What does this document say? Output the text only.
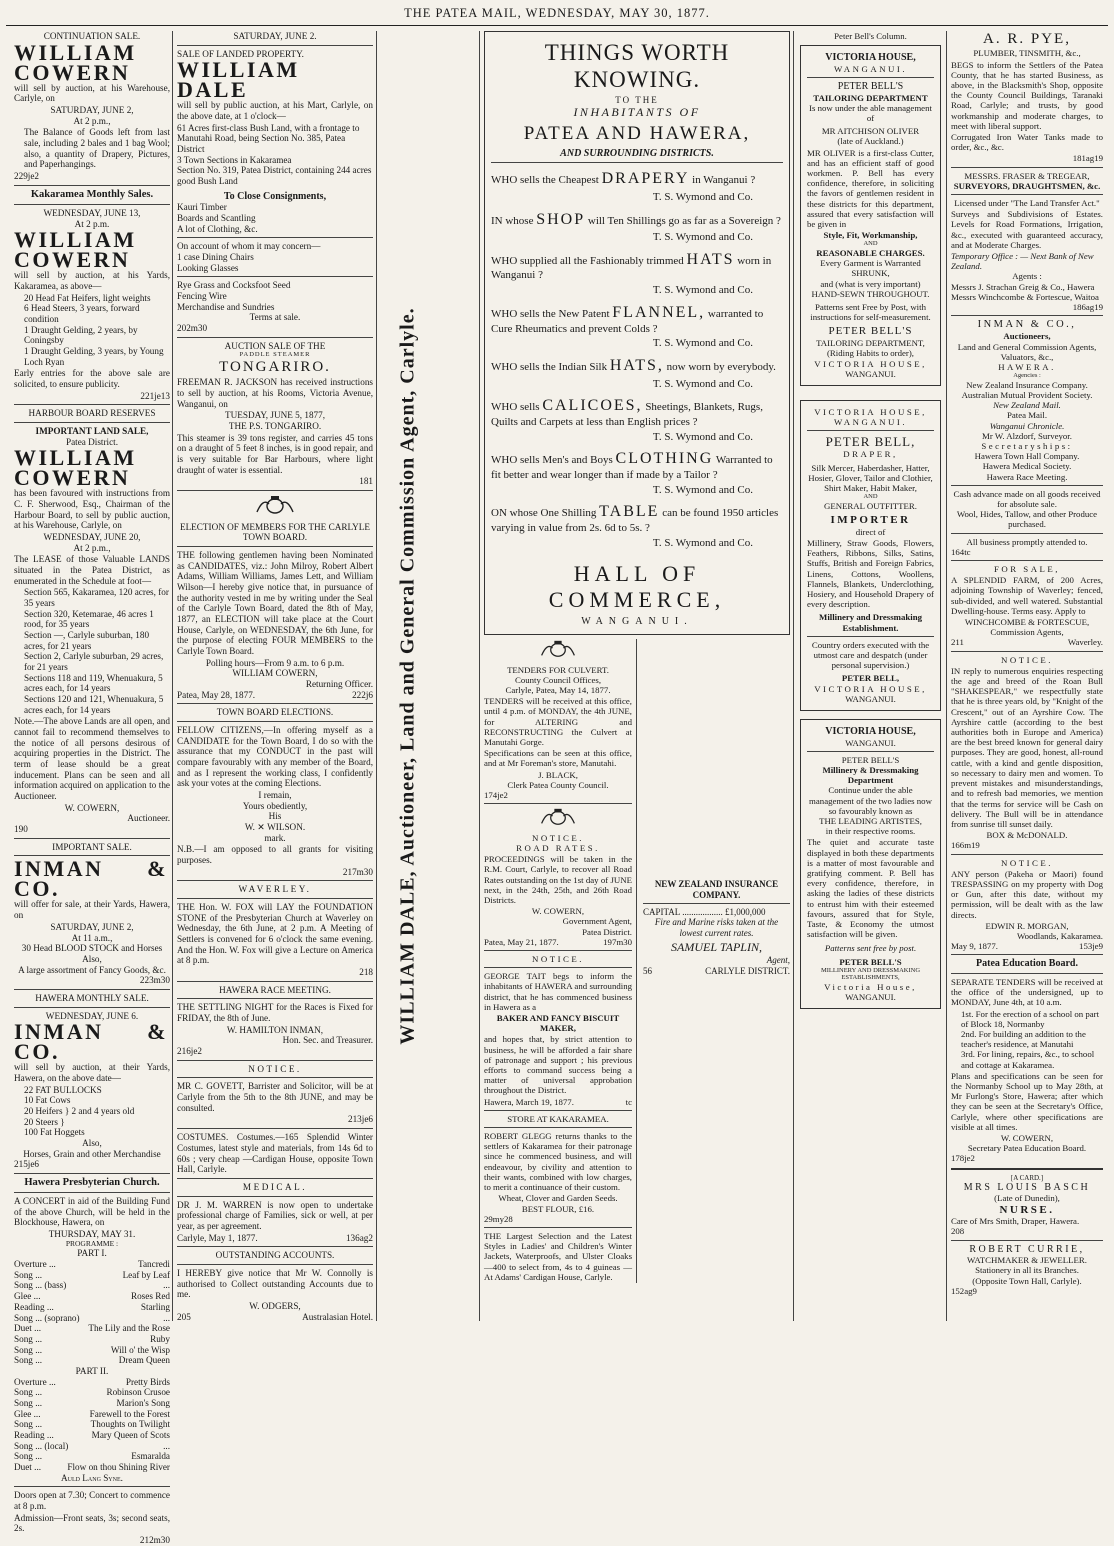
THE PATEA MAIL, WEDNESDAY, MAY 30, 1877.
CONTINUATION SALE.

WILLIAM COWERN
will sell by auction, at his Warehouse, Carlyle, on

SATURDAY, JUNE 2,
At 2 p.m.,

The Balance of Goods left from last sale, including 2 bales and 1 bag Wool; also, a quantity of Drapery, Pictures, and Paperhangings.

229je2
Kakaramea Monthly Sales.
WEDNESDAY, JUNE 13,
At 2 p.m.

WILLIAM COWERN
will sell by auction, at his Yards, Kakaramea, as above—

20 Head Fat Heifers, light weights
6 Head Steers, 3 years, forward condition
1 Draught Gelding, 2 years, by Coningsby
1 Draught Gelding, 3 years, by Young Loch Ryan

Early entries for the above sale are solicited, to ensure publicity.

221je13
HARBOUR BOARD RESERVES
IMPORTANT LAND SALE,
Patea District.

WILLIAM COWERN
has been favoured with instructions from C. F. Sherwood, Esq., Chairman of the Harbour Board, to sell by public auction, at his Warehouse, Carlyle, on

WEDNESDAY, JUNE 20,
At 2 p.m.,

The LEASE of those Valuable LANDS situated in the Patea District, as enumerated in the Schedule at foot—

Section 565, Kakaramea, 120 acres, for 35 years
Section 320, Ketemarae, 46 acres 1 rood, for 35 years
Section —, Carlyle suburban, 180 acres, for 21 years
Section 2, Carlyle suburban, 29 acres, for 21 years
Sections 118 and 119, Whenuakura, 5 acres each, for 14 years
Sections 120 and 121, Whenuakura, 5 acres each, for 14 years

Note.—The above Lands are all open, and cannot fail to recommend themselves to the notice of all persons desirous of acquiring properties in the District. The term of lease should be a great inducement. Plans can be seen and all information acquired on application to the Auctioneer.

W. COWERN,
Auctioneer.
190
IMPORTANT SALE.

INMAN & CO.
will offer for sale, at their Yards, Hawera, on

SATURDAY, JUNE 2,
At 11 a.m.,
30 Head BLOOD STOCK and Horses
Also,
A large assortment of Fancy Goods, &c.
223m30
HAWERA MONTHLY SALE.
WEDNESDAY, JUNE 6.

INMAN & CO.
will sell by auction, at their Yards, Hawera, on the above date—

22 FAT BULLOCKS
10 Fat Cows
20 Heifers } 2 and 4 years old
20 Steers }
100 Fat Hoggets
Also,
Horses, Grain and other Merchandise
215je6
Hawera Presbyterian Church.

A CONCERT in aid of the Building Fund of the above Church, will be held in the Blockhouse, Hawera, on

THURSDAY, MAY 31.
PROGRAMME :
PART I.
Overture ...	Tancredi
Song ...	Leaf by Leaf
Song ... (bass)	...
Glee ...	Roses Red
Reading ...	Starling
Song ... (soprano)	...
Duet ...	The Lily and the Rose
Song ...	Ruby
Song ...	Will o' the Wisp
Song ...	Dream Queen
PART II.
Overture ...	Pretty Birds
Song ...	Robinson Crusoe
Song ...	Marion's Song
Glee ...	Farewell to the Forest
Song ...	Thoughts on Twilight
Reading ...	Mary Queen of Scots
Song ... (local)	...
Song ...	Esmaralda
Duet ...	Flow on thou Shining River
Auld Lang Syne.

Doors open at 7.30; Concert to commence at 8 p.m.

Admission—Front seats, 3s; second seats, 2s.

212m30
SATURDAY, JUNE 2.
SALE OF LANDED PROPERTY.

WILLIAM DALE
will sell by public auction, at his Mart, Carlyle, on the above date, at 1 o'clock—

61 Acres first-class Bush Land, with a frontage to Manutahi Road, being Section No. 385, Patea District
3 Town Sections in Kakaramea
Section No. 319, Patea District, containing 244 acres good Bush Land
To Close Consignments,
Kauri Timber
Boards and Scantling
A lot of Clothing, &c.
On account of whom it may concern—
1 case Dining Chairs
Looking Glasses
Rye Grass and Cocksfoot Seed
Fencing Wire
Merchandise and Sundries
Terms at sale.
202m30
AUCTION SALE OF THE
PADDLE STEAMER
TONGARIRO.

FREEMAN R. JACKSON has received instructions to sell by auction, at his Rooms, Victoria Avenue, Wanganui, on

TUESDAY, JUNE 5, 1877,
THE P.S. TONGARIRO.

This steamer is 39 tons register, and carries 45 tons on a draught of 5 feet 8 inches, is in good repair, and is very suitable for Bar Harbours, where light draught of water is essential.

181
ELECTION OF MEMBERS FOR THE CARLYLE TOWN BOARD.

THE following gentlemen having been Nominated as CANDIDATES, viz.: John Milroy, Robert Albert Adams, William Williams, James Lett, and William Wilson—I hereby give notice that, in pursuance of the authority vested in me by writing under the Seal of the Carlyle Town Board, dated the 8th of May, 1877, an ELECTION will take place at the Court House, Carlyle, on WEDNESDAY, the 6th June, for the purpose of electing FOUR MEMBERS to the Carlyle Town Board.

Polling hours—From 9 a.m. to 6 p.m.
WILLIAM COWERN,
Returning Officer.
Patea, May 28, 1877.	222j6
TOWN BOARD ELECTIONS.

FELLOW CITIZENS,—In offering myself as a CANDIDATE for the Town Board, I do so with the assurance that my CONDUCT in the past will compare favourably with any member of the Board, and as I represent the working class, I confidently ask your votes at the coming Elections.

I remain,
Yours obediently,
His
W. ✕ WILSON.
mark.

N.B.—I am opposed to all grants for visiting purposes.

217m30
WAVERLEY.

THE Hon. W. FOX will LAY the FOUNDATION STONE of the Presbyterian Church at Waverley on Wednesday, the 6th June, at 2 p.m. A Meeting of Settlers is convened for 6 o'clock the same evening. And the Hon. W. Fox will give a Lecture on America at 8 p.m.

218
HAWERA RACE MEETING.

THE SETTLING NIGHT for the Races is Fixed for FRIDAY, the 8th of June.

W. HAMILTON INMAN,
Hon. Sec. and Treasurer.
216je2
NOTICE.

MR C. GOVETT, Barrister and Solicitor, will be at Carlyle from the 5th to the 8th JUNE, and may be consulted.

213je6

COSTUMES. Costumes.—165 Splendid Winter Costumes, latest style and materials, from 14s 6d to 60s ; very cheap —Cardigan House, opposite Town Hall, Carlyle.

MEDICAL.

DR J. M. WARREN is now open to undertake professional charge of Families, sick or well, at per year, as per agreement.

Carlyle, May 1, 1877.	136ag2
OUTSTANDING ACCOUNTS.

I HEREBY give notice that Mr W. Connolly is authorised to Collect outstanding Accounts due to me.

W. ODGERS,
205	Australasian Hotel.
WILLIAM DALE, Auctioneer, Land and General Commission Agent, Carlyle.
THINGS WORTH KNOWING.
TO THE
INHABITANTS OF
PATEA AND HAWERA,
AND SURROUNDING DISTRICTS.
WHO sells the Cheapest DRAPERY in Wanganui ?
T. S. Wymond and Co.
IN whose SHOP will Ten Shillings go as far as a Sovereign ?
T. S. Wymond and Co.
WHO supplied all the Fashionably trimmed HATS worn in Wanganui ?
T. S. Wymond and Co.
WHO sells the New Patent FLANNEL, warranted to Cure Rheumatics and prevent Colds ?
T. S. Wymond and Co.
WHO sells the Indian Silk HATS, now worn by everybody.
T. S. Wymond and Co.
WHO sells CALICOES, Sheetings, Blankets, Rugs, Quilts and Carpets at less than English prices ?
T. S. Wymond and Co.
WHO sells Men's and Boys CLOTHING Warranted to fit better and wear longer than if made by a Tailor ?
T. S. Wymond and Co.
ON whose One Shilling TABLE can be found 1950 articles varying in value from 2s. 6d to 5s. ?
T. S. Wymond and Co.
HALL OF COMMERCE,
WANGANUI.
TENDERS FOR CULVERT.
County Council Offices,
Carlyle, Patea, May 14, 1877.

TENDERS will be received at this office, until 4 p.m. of MONDAY, the 4th JUNE, for ALTERING and RECONSTRUCTING the Culvert at Manutahi Gorge.

Specifications can be seen at this office, and at Mr Foreman's store, Manutahi.

J. BLACK,
Clerk Patea County Council.
174je2
NOTICE.
ROAD RATES.

PROCEEDINGS will be taken in the R.M. Court, Carlyle, to recover all Road Rates outstanding on the 1st day of JUNE next, in the 24th, 25th, and 26th Road Districts.

W. COWERN,
Government Agent,
Patea District.
Patea, May 21, 1877.	197m30
NOTICE.

GEORGE TAIT begs to inform the inhabitants of HAWERA and surrounding district, that he has commenced business in Hawera as a

BAKER AND FANCY BISCUIT MAKER,

and hopes that, by strict attention to business, he will be afforded a fair share of patronage and support ; his previous efforts to command success being a matter of universal approbation throughout the District.

Hawera, March 19, 1877.	tc
STORE AT KAKARAMEA.

ROBERT GLEGG returns thanks to the settlers of Kakaramea for their patronage since he commenced business, and will endeavour, by civility and attention to their wants, combined with low charges, to merit a continuance of their custom.

Wheat, Clover and Garden Seeds.
BEST FLOUR, £16.
29my28

THE Largest Selection and the Latest Styles in Ladies' and Children's Winter Jackets, Waterproofs, and Ulster Cloaks—400 to select from, 4s to 4 guineas —At Adams' Cardigan House, Carlyle.

NEW ZEALAND INSURANCE COMPANY.
CAPITAL .................. £1,000,000
Fire and Marine risks taken at the lowest current rates.
SAMUEL TAPLIN,
Agent,
56	CARLYLE DISTRICT.
Peter Bell's Column.
VICTORIA HOUSE,
WANGANUI.
PETER BELL'S
TAILORING DEPARTMENT
Is now under the able management of
MR AITCHISON OLIVER
(late of Auckland.)

MR OLIVER is a first-class Cutter, and has an efficient staff of good workmen. P. Bell has every confidence, therefore, in soliciting the favors of gentlemen resident in these districts for this department, assured that every satisfaction will be given in

Style, Fit, Workmanship,
AND
REASONABLE CHARGES.
Every Garment is Warranted SHRUNK,
and (what is very important) HAND-SEWN THROUGHOUT.
Patterns sent Free by Post, with instructions for self-measurement.
PETER BELL'S
TAILORING DEPARTMENT,
(Riding Habits to order),
VICTORIA HOUSE,
WANGANUI.
VICTORIA HOUSE,
WANGANUI.
PETER BELL,
DRAPER,
Silk Mercer, Haberdasher, Hatter, Hosier, Glover, Tailor and Clothier, Shirt Maker, Habit Maker,
AND
GENERAL OUTFITTER.
IMPORTER
direct of

Millinery, Straw Goods, Flowers, Feathers, Ribbons, Silks, Satins, Stuffs, British and Foreign Fabrics, Linens, Cottons, Woollens, Flannels, Blankets, Underclothing, Hosiery, and Household Drapery of every description.

Millinery and Dressmaking Establishment.
Country orders executed with the utmost care and despatch (under personal supervision.)
PETER BELL,
VICTORIA HOUSE,
WANGANUI.
VICTORIA HOUSE,
WANGANUI.
PETER BELL'S
Millinery & Dressmaking Department
Continue under the able management of the two ladies now so favourably known as
THE LEADING ARTISTES,
in their respective rooms.

The quiet and accurate taste displayed in both these departments is a matter of most favourable and gratifying comment. P. Bell has every confidence, therefore, in asking the ladies of these districts to entrust him with their esteemed favours, assured that for Style, Taste, & Economy the utmost satisfaction will be given.

Patterns sent free by post.
PETER BELL'S
MILLINERY AND DRESSMAKING ESTABLISHMENTS,
Victoria House,
WANGANUI.
A. R. PYE,
PLUMBER, TINSMITH, &c.,

BEGS to inform the Settlers of the Patea County, that he has started Business, as above, in the Blacksmith's Shop, opposite the County Council Buildings, Taranaki Road, Carlyle; and trusts, by good workmanship and moderate charges, to meet with liberal support.

Corrugated Iron Water Tanks made to order, &c., &c.

181ag19
MESSRS. FRASER & TREGEAR,
SURVEYORS, DRAUGHTSMEN, &c.
Licensed under "The Land Transfer Act."

Surveys and Subdivisions of Estates. Levels for Road Formations, Irrigation, &c., executed with guaranteed accuracy, and at Moderate Charges.

Temporary Office : — Next Bank of New Zealand.
Agents :
Messrs J. Strachan Greig & Co., Hawera
Messrs Winchcombe & Fortescue, Waitoa
186ag19
INMAN & CO.,
Auctioneers,
Land and General Commission Agents,
Valuators, &c.,
HAWERA.
Agencies :
New Zealand Insurance Company.
Australian Mutual Provident Society.
New Zealand Mail.
Patea Mail.
Wanganui Chronicle.
Mr W. Alzdorf, Surveyor.
Secretaryships:
Hawera Town Hall Company.
Hawera Medical Society.
Hawera Race Meeting.
Cash advance made on all goods received for absolute sale.
Wool, Hides, Tallow, and other Produce purchased.
All business promptly attended to.
164tc
FOR SALE,

A SPLENDID FARM, of 200 Acres, adjoining Township of Waverley; fenced, sub-divided, and well watered. Substantial Dwelling-house. Terms easy. Apply to

WINCHCOMBE & FORTESCUE,
Commission Agents,
211	Waverley.
NOTICE.

IN reply to numerous enquiries respecting the age and breed of the Roan Bull "SHAKESPEAR," we respectfully state that he is three years old, by "Knight of the Crescent," out of an Ayrshire Cow. The Ayrshire cattle (according to the best authorities both in Europe and America) are the best breed known for general dairy purposes. They are good, honest, all-round cattle, with a kind and gentle disposition, so necessary to dairy men and women. To prevent mistakes and misunderstandings, and to refresh bad memories, we mention that the terms for service will be Cash on delivery. The Bull will be in attendance from sunrise till sunset daily.

BOX & McDONALD.
166m19
NOTICE.

ANY person (Pakeha or Maori) found TRESPASSING on my property with Dog or Gun, after this date, without my permission, will be dealt with as the law directs.

EDWIN R. MORGAN,
Woodlands, Kakaramea.
May 9, 1877.	153je9
Patea Education Board.

SEPARATE TENDERS will be received at the office of the undersigned, up to MONDAY, June 4th, at 10 a.m.

1st. For the erection of a school on part of Block 18, Normanby
2nd. For building an addition to the teacher's residence, at Manutahi
3rd. For lining, repairs, &c., to school and cottage at Kakaramea.

Plans and specifications can be seen for the Normanby School up to May 28th, at Mr Furlong's Store, Hawera; after which they can be seen at the Secretary's Office, Carlyle, where other specifications are visible at all times.

W. COWERN,
Secretary Patea Education Board.
178je2
[A CARD.]
MRS LOUIS BASCH
(Late of Dunedin),
NURSE.
Care of Mrs Smith, Draper, Hawera.
208
ROBERT CURRIE,
WATCHMAKER & JEWELLER.
Stationery in all its Branches.
(Opposite Town Hall, Carlyle).
152ag9
